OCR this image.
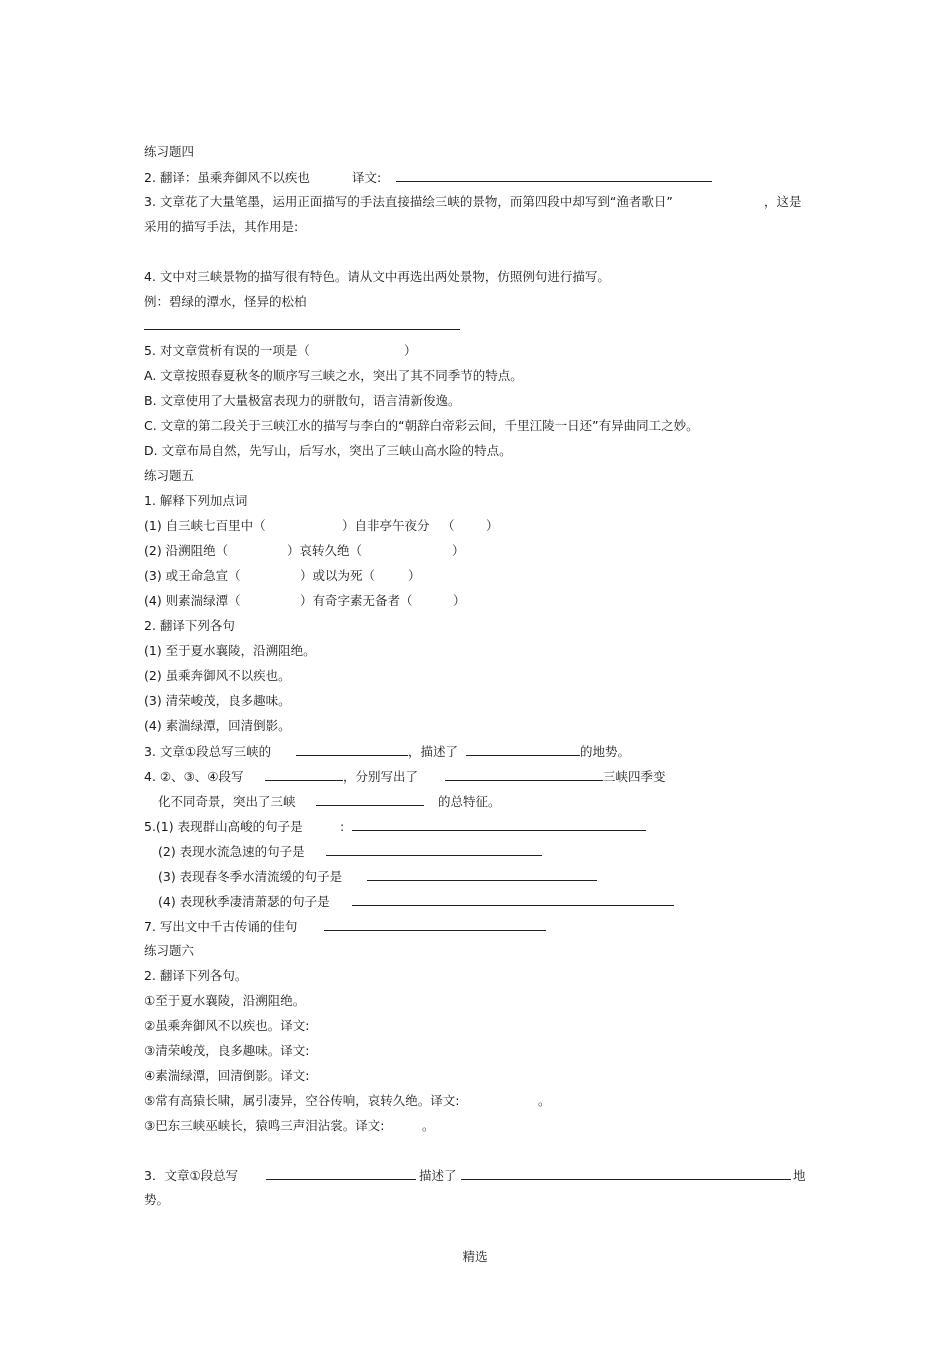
练习题四
2. 翻译：虽乘奔御风不以疾也	译文:
3. 文章花了大量笔墨，运用正面描写的手法直接描绘三峡的景物，而第四段中却写到“渔者歌日”	，这是
采用的描写手法，其作用是:
4. 文中对三峡景物的描写很有特色。请从文中再选出两处景物，仿照例句进行描写。
例：碧绿的潭水，怪异的松柏
5. 对文章赏析有误的一项是（	）
A. 文章按照春夏秋冬的顺序写三峡之水，突出了其不同季节的特点。
B. 文章使用了大量极富表现力的骈散句，语言清新俊逸。
C. 文章的第二段关于三峡江水的描写与李白的“朝辞白帝彩云间，千里江陵一日还”有异曲同工之妙。
D. 文章布局自然，先写山，后写水，突出了三峡山高水险的特点。
练习题五
1. 解释下列加点词
(1) 自三峡七百里中（	）自非亭午夜分 （	）
(2) 沿溯阻绝（	）哀转久绝（	）
(3) 或王命急宣（	）或以为死（	）
(4) 则素湍绿潭（	）有奇字素无备者（	）
2. 翻译下列各句
(1) 至于夏水襄陵，沿溯阻绝。
(2) 虽乘奔御风不以疾也。
(3) 清荣峻茂，良多趣味。
(4) 素湍绿潭，回清倒影。
3. 文章①段总写三峡的	，描述了	的地势。
4. ②、③、④段写	，分别写出了	三峡四季变
化不同奇景，突出了三峡	的总特征。
5.(1) 表现群山高峻的句子是	:
(2) 表现水流急速的句子是
(3) 表现春冬季水清流缓的句子是
(4) 表现秋季凄清萧瑟的句子是
7. 写出文中千古传诵的佳句
练习题六
2. 翻译下列各句。
①至于夏水襄陵，沿溯阻绝。
②虽乘奔御风不以疾也。译文:
③清荣峻茂，良多趣味。译文:
④素湍绿潭，回清倒影。译文:
⑤常有高猿长啸，属引凄异，空谷传响，哀转久绝。译文:	。
③巴东三峡巫峡长，猿鸣三声泪沾裳。译文:	。
3．文章①段总写	描述了	地
势。
精选
